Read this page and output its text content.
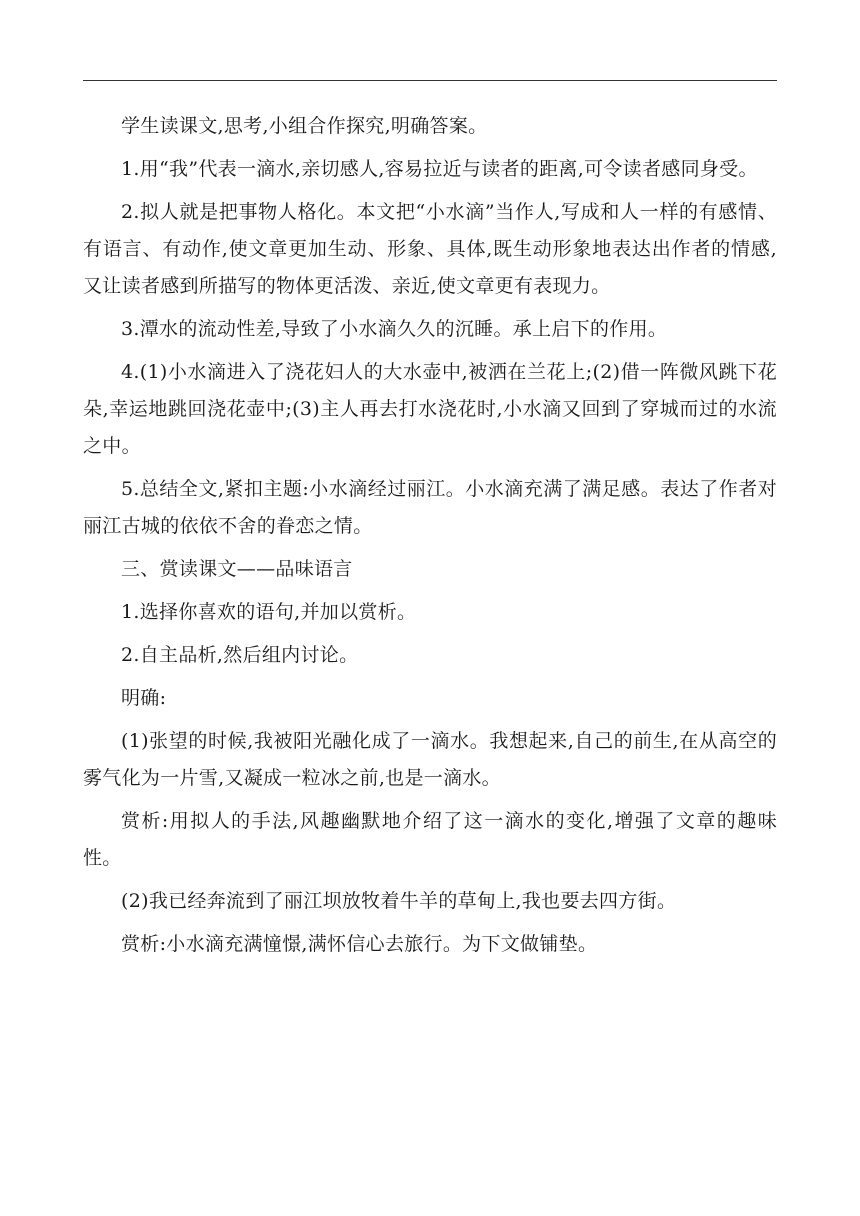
学生读课文,思考,小组合作探究,明确答案。

1.用“我”代表一滴水,亲切感人,容易拉近与读者的距离,可令读者感同身受。

2.拟人就是把事物人格化。本文把“小水滴”当作人,写成和人一样的有感情、有语言、有动作,使文章更加生动、形象、具体,既生动形象地表达出作者的情感,又让读者感到所描写的物体更活泼、亲近,使文章更有表现力。

3.潭水的流动性差,导致了小水滴久久的沉睡。承上启下的作用。

4.(1)小水滴进入了浇花妇人的大水壶中,被洒在兰花上;(2)借一阵微风跳下花朵,幸运地跳回浇花壶中;(3)主人再去打水浇花时,小水滴又回到了穿城而过的水流之中。

5.总结全文,紧扣主题:小水滴经过丽江。小水滴充满了满足感。表达了作者对丽江古城的依依不舍的眷恋之情。

三、赏读课文——品味语言

1.选择你喜欢的语句,并加以赏析。

2.自主品析,然后组内讨论。

明确:

(1)张望的时候,我被阳光融化成了一滴水。我想起来,自己的前生,在从高空的雾气化为一片雪,又凝成一粒冰之前,也是一滴水。

赏析:用拟人的手法,风趣幽默地介绍了这一滴水的变化,增强了文章的趣味性。

(2)我已经奔流到了丽江坝放牧着牛羊的草甸上,我也要去四方街。

赏析:小水滴充满憧憬,满怀信心去旅行。为下文做铺垫。
